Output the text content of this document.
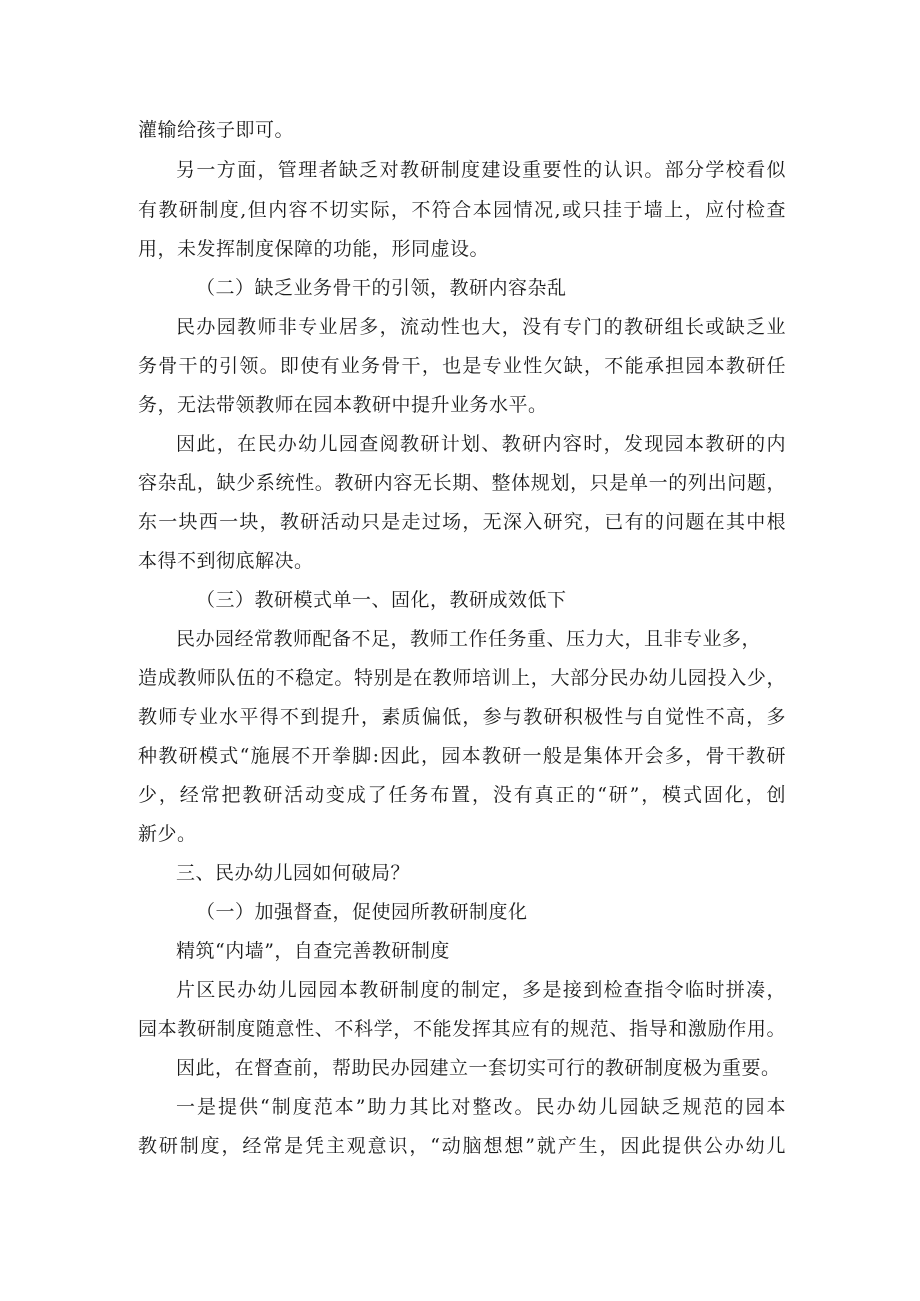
灌输给孩子即可。
另一方面，管理者缺乏对教研制度建设重要性的认识。部分学校看似
有教研制度,但内容不切实际，不符合本园情况,或只挂于墙上，应付检查
用，未发挥制度保障的功能，形同虚设。
（二）缺乏业务骨干的引领，教研内容杂乱
民办园教师非专业居多，流动性也大，没有专门的教研组长或缺乏业
务骨干的引领。即使有业务骨干，也是专业性欠缺，不能承担园本教研任
务，无法带领教师在园本教研中提升业务水平。
因此，在民办幼儿园查阅教研计划、教研内容时，发现园本教研的内
容杂乱，缺少系统性。教研内容无长期、整体规划，只是单一的列出问题，
东一块西一块，教研活动只是走过场，无深入研究，已有的问题在其中根
本得不到彻底解决。
（三）教研模式单一、固化，教研成效低下
民办园经常教师配备不足，教师工作任务重、压力大，且非专业多，
造成教师队伍的不稳定。特别是在教师培训上，大部分民办幼儿园投入少，
教师专业水平得不到提升，素质偏低，参与教研积极性与自觉性不高，多
种教研模式“施展不开拳脚:因此，园本教研一般是集体开会多，骨干教研
少，经常把教研活动变成了任务布置，没有真正的“研”，模式固化，创
新少。
三、民办幼儿园如何破局？
（一）加强督查，促使园所教研制度化
精筑“内墙”，自查完善教研制度
片区民办幼儿园园本教研制度的制定，多是接到检查指令临时拼凑，
园本教研制度随意性、不科学，不能发挥其应有的规范、指导和激励作用。
因此，在督查前，帮助民办园建立一套切实可行的教研制度极为重要。
一是提供“制度范本”助力其比对整改。民办幼儿园缺乏规范的园本
教研制度，经常是凭主观意识，“动脑想想”就产生，因此提供公办幼儿
